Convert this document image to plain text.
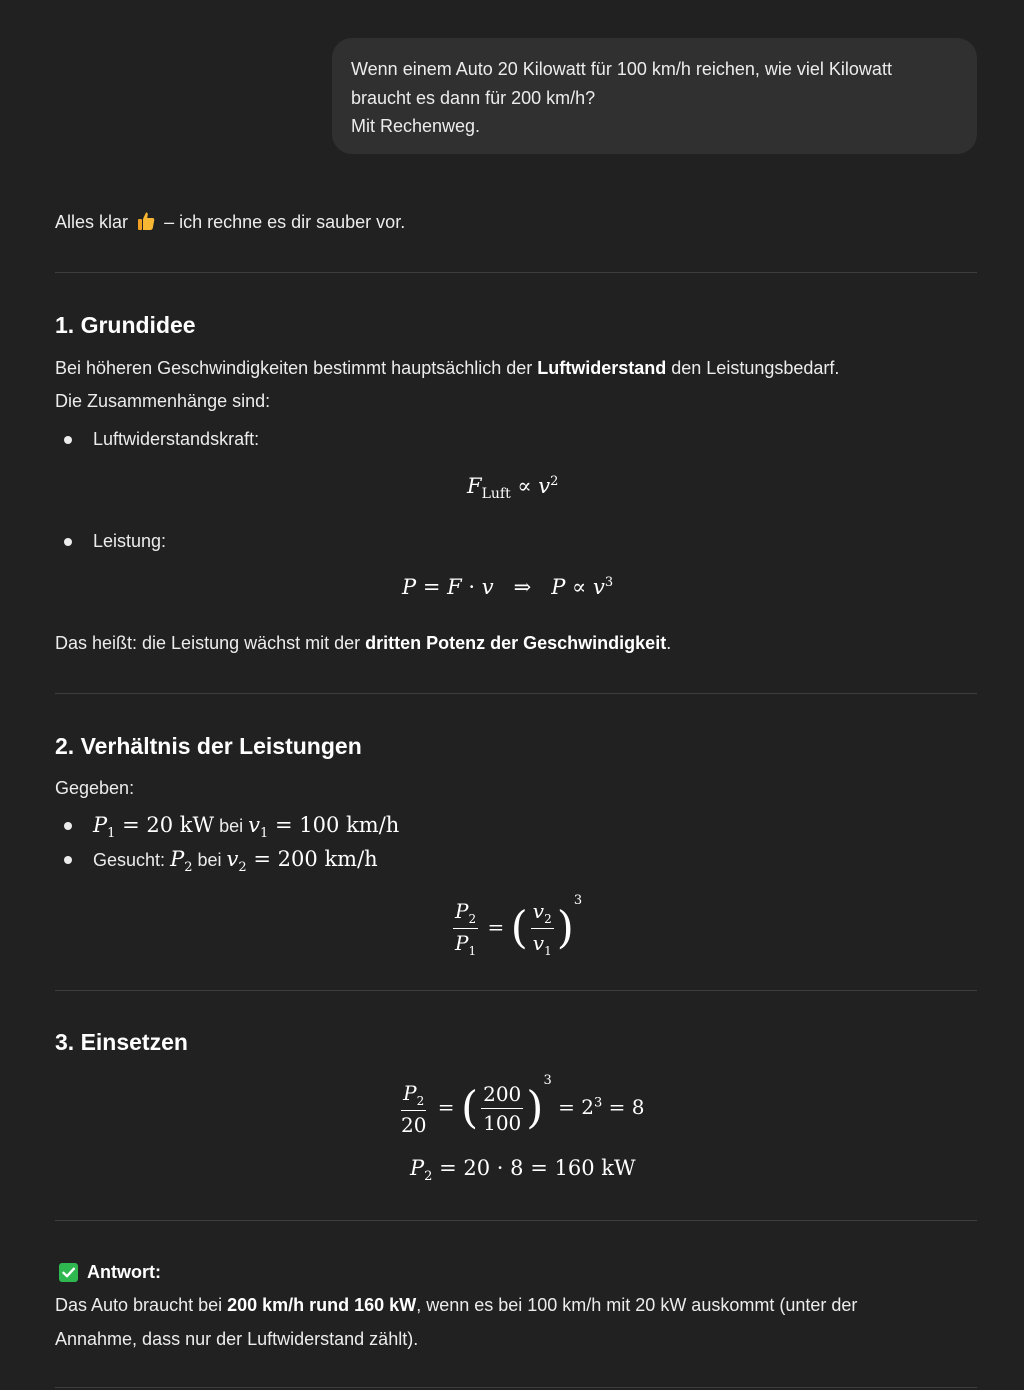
Wenn einem Auto 20 Kilowatt für 100 km/h reichen, wie viel Kilowatt
braucht es dann für 200 km/h?
Mit Rechenweg.
Alles klar – ich rechne es dir sauber vor.
1. Grundidee
Bei höheren Geschwindigkeiten bestimmt hauptsächlich der Luftwiderstand den Leistungsbedarf.
Die Zusammenhänge sind:
Luftwiderstandskraft:
$F_{Luft} \propto v^2$
Leistung:
P = F · v   ⇒   $P \propto v^3$
Das heißt: die Leistung wächst mit der dritten Potenz der Geschwindigkeit.
2. Verhältnis der Leistungen
Gegeben:
$P_1 = 20$ kW bei $v_1 = 100$ km/h
Gesucht: $P_2$ bei $v_2 = 200$ km/h
$\frac{P_2}{P_1}$ = ( $\frac{v_2}{v_1} )^3$
3. Einsetzen
$\frac{P_2}{20}$ = ( $\frac{200}{100} )^3 = 2^3 = 8$
$P_2 = 20 \cdot 8 = 160$ kW
Antwort:
Das Auto braucht bei 200 km/h rund 160 kW, wenn es bei 100 km/h mit 20 kW auskommt (unter der
Annahme, dass nur der Luftwiderstand zählt).
